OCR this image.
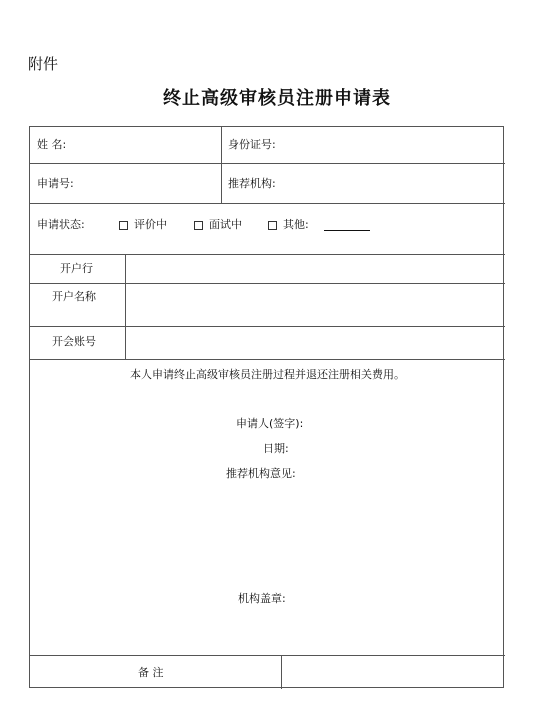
附件
终止高级审核员注册申请表
姓 名:	身份证号:
申请号:	推荐机构:
申请状态:	评价中	面试中	其他:
开户行
开户名称
开会账号
本人申请终止高级审核员注册过程并退还注册相关费用。
申请人(签字):
日期:
推荐机构意见:
机构盖章:
备 注
